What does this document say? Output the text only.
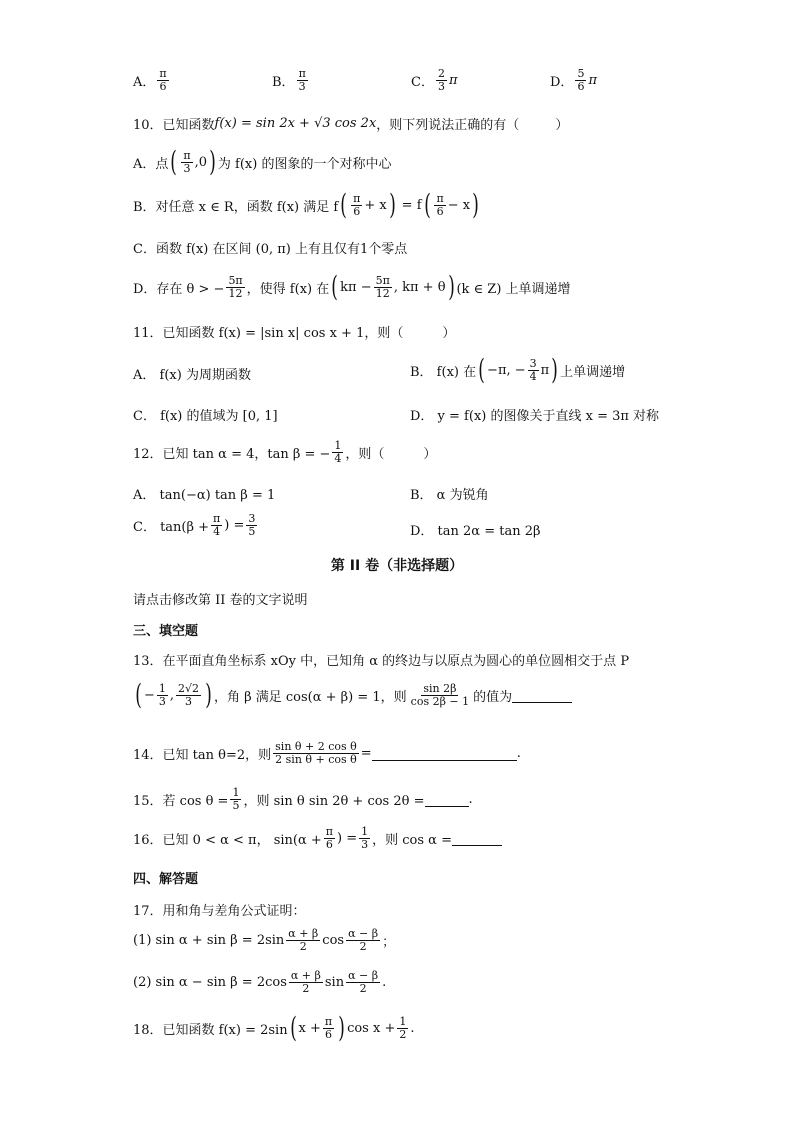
A． $\frac{\pi}{6}$	B． $\frac{\pi}{3}$	C． $\frac{2}{3}$ π	D． $\frac{5}{6}$ π
10．已知函数 f(x) = sin 2x + √3 cos 2x ，则下列说法正确的有（	）
A．点 ( $\frac{\pi}{3} ,0$ ) 为 f(x) 的图象的一个对称中心
B．对任意 x ∈ R，函数 f(x) 满足 f ( $\frac{\pi}{6} + x$ ) = f ( $\frac{\pi}{6} - x$ )
C．函数 f(x) 在区间 (0, π) 上有且仅有1个零点
D．存在 θ > − $\frac{5\pi}{12}$ ，使得 f(x) 在 ( $k\pi - \frac{5\pi}{12}$ , kπ + θ ) (k ∈ Z) 上单调递增
11．已知函数 f(x) = |sin x| cos x + 1，则（　　　）
A． f(x) 为周期函数	B． f(x) 在 ( −π, − $\frac{3}{4}$ π ) 上单调递增
C． f(x) 的值域为 [0, 1]	D． y = f(x) 的图像关于直线 x = 3π 对称
12．已知 tan α = 4，tan β = − $\frac{1}{4}$ ，则（　　　）
A． tan(−α) tan β = 1	B． α 为锐角
C． $\tan(\beta + \frac{\pi}{4}$ ) = $\frac{3}{5}$	D． tan 2α = tan 2β
第 II 卷（非选择题）
请点击修改第 II 卷的文字说明
三、填空题
13．在平面直角坐标系 xOy 中，已知角 α 的终边与以原点为圆心的单位圆相交于点 P
( − $\frac{1}{3}$ , $\frac{2√2}{3}$ ) ，角 β 满足 cos(α + β) = 1，则 $\frac{\sin 2\beta}{\cos 2\beta - 1}$ 的值为
14．已知 tan θ=2，则 $\frac{\text{sin θ + 2 cos θ}}{\text{2 sin θ + cos θ}}$ =	.
15．若 $\cos \theta = \frac{1}{5}$ ，则 sin θ sin 2θ + cos 2θ =	.
16．已知 0 < α < π， $\sin(\alpha + \frac{\pi}{6}$ ) = $\frac{1}{3}$ ，则 cos α =
四、解答题
17．用和角与差角公式证明：
(1) $\sin \alpha + \sin \beta = 2\sin \frac{\alpha + \beta}{2}$ $\cos \frac{\alpha - \beta}{2}$ ；
(2) $\sin \alpha - \sin \beta = 2\cos \frac{\alpha + \beta}{2}$ $\sin \frac{\alpha - \beta}{2}$ .
18．已知函数 f(x) = 2sin ( $x + \frac{\pi}{6}$ ) $\cos x + \frac{1}{2}$ .
